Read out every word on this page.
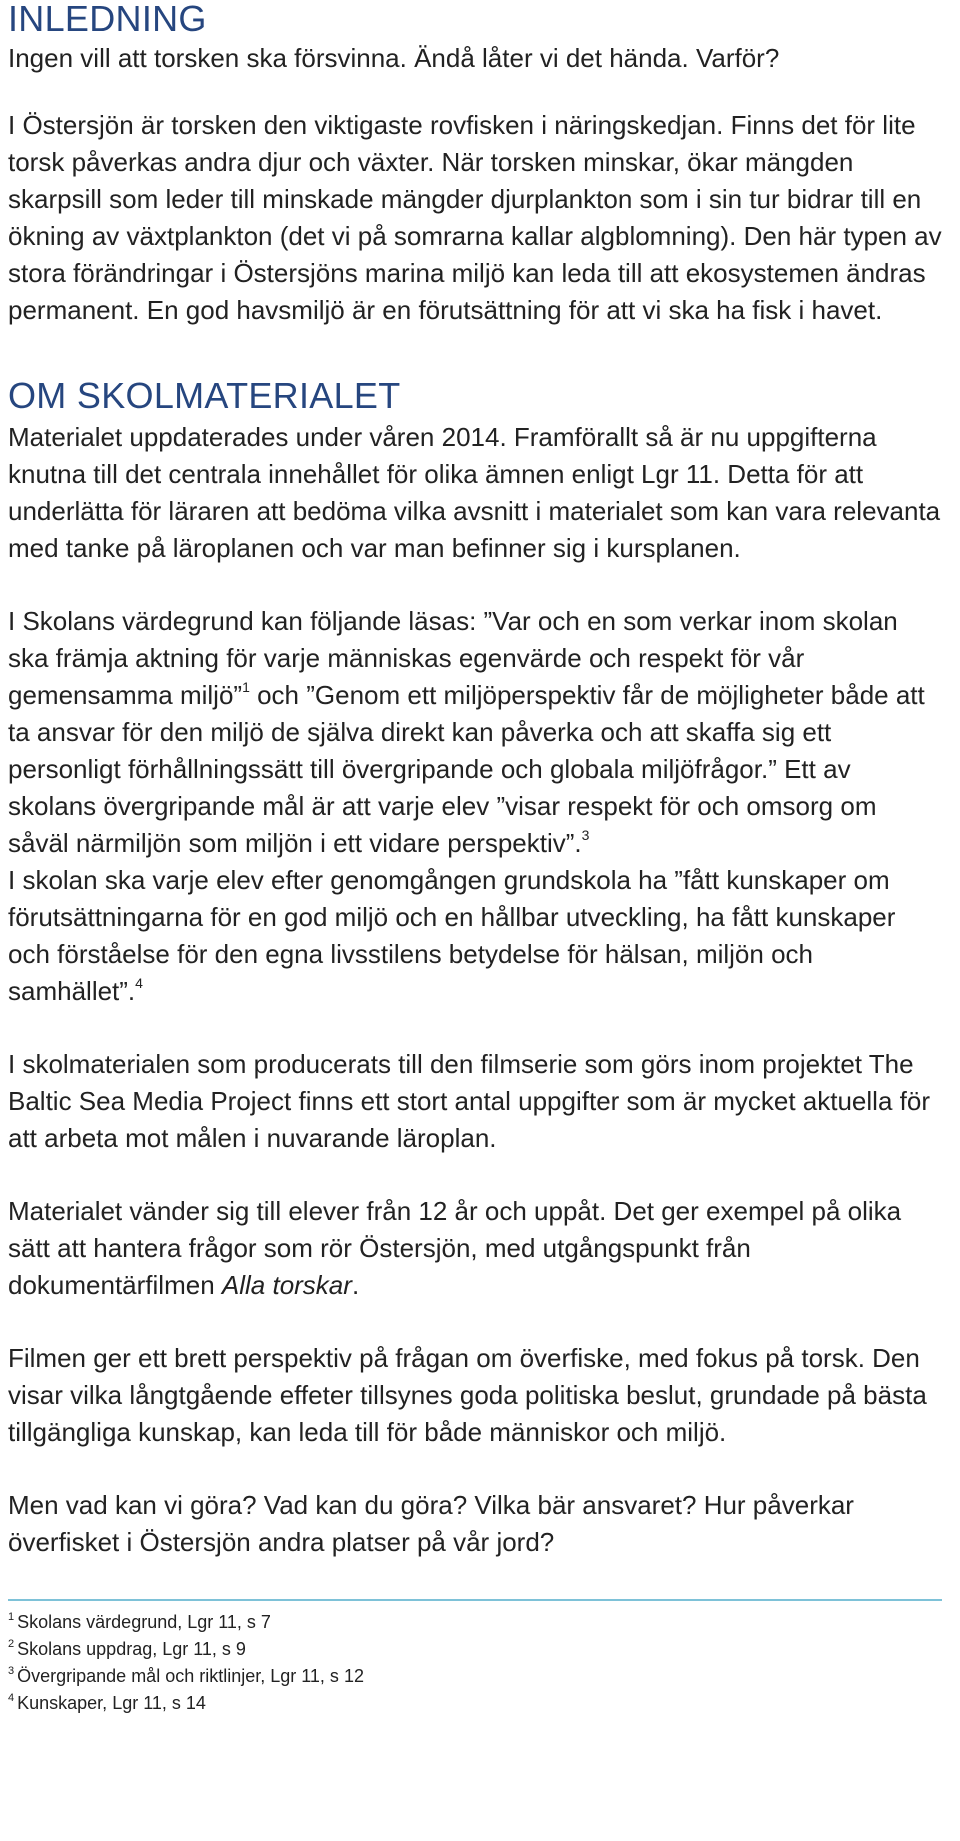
INLEDNING

Ingen vill att torsken ska försvinna. Ändå låter vi det hända. Varför?

I Östersjön är torsken den viktigaste rovfisken i näringskedjan. Finns det för lite torsk påverkas andra djur och växter. När torsken minskar, ökar mängden skarpsill som leder till minskade mängder djurplankton som i sin tur bidrar till en ökning av växtplankton (det vi på somrarna kallar algblomning). Den här typen av stora förändringar i Östersjöns marina miljö kan leda till att ekosystemen ändras permanent. En god havsmiljö är en förutsättning för att vi ska ha fisk i havet.

OM SKOLMATERIALET

Materialet uppdaterades under våren 2014. Framförallt så är nu uppgifterna knutna till det centrala innehållet för olika ämnen enligt Lgr 11. Detta för att underlätta för läraren att bedöma vilka avsnitt i materialet som kan vara relevanta med tanke på läroplanen och var man befinner sig i kursplanen.

I Skolans värdegrund kan följande läsas: ”Var och en som verkar inom skolan ska främja aktning för varje människas egenvärde och respekt för vår gemensamma miljö”$^1$ och ”Genom ett miljöperspektiv får de möjligheter både att ta ansvar för den miljö de själva direkt kan påverka och att skaffa sig ett personligt förhållningssätt till övergripande och globala miljöfrågor.” Ett av skolans övergripande mål är att varje elev ”visar respekt för och omsorg om såväl närmiljön som miljön i ett vidare perspektiv”.$^3$
I skolan ska varje elev efter genomgången grundskola ha ”fått kunskaper om förutsättningarna för en god miljö och en hållbar utveckling, ha fått kunskaper och förståelse för den egna livsstilens betydelse för hälsan, miljön och samhället”.$^4$

I skolmaterialen som producerats till den filmserie som görs inom projektet The Baltic Sea Media Project finns ett stort antal uppgifter som är mycket aktuella för att arbeta mot målen i nuvarande läroplan.

Materialet vänder sig till elever från 12 år och uppåt. Det ger exempel på olika sätt att hantera frågor som rör Östersjön, med utgångspunkt från dokumentärfilmen Alla torskar.

Filmen ger ett brett perspektiv på frågan om överfiske, med fokus på torsk. Den visar vilka långtgående effeter tillsynes goda politiska beslut, grundade på bästa tillgängliga kunskap, kan leda till för både människor och miljö.

Men vad kan vi göra? Vad kan du göra? Vilka bär ansvaret? Hur påverkar överfisket i Östersjön andra platser på vår jord?

$^1$ Skolans värdegrund, Lgr 11, s 7

$^2$ Skolans uppdrag, Lgr 11, s 9

$^3$ Övergripande mål och riktlinjer, Lgr 11, s 12

$^4$ Kunskaper, Lgr 11, s 14
